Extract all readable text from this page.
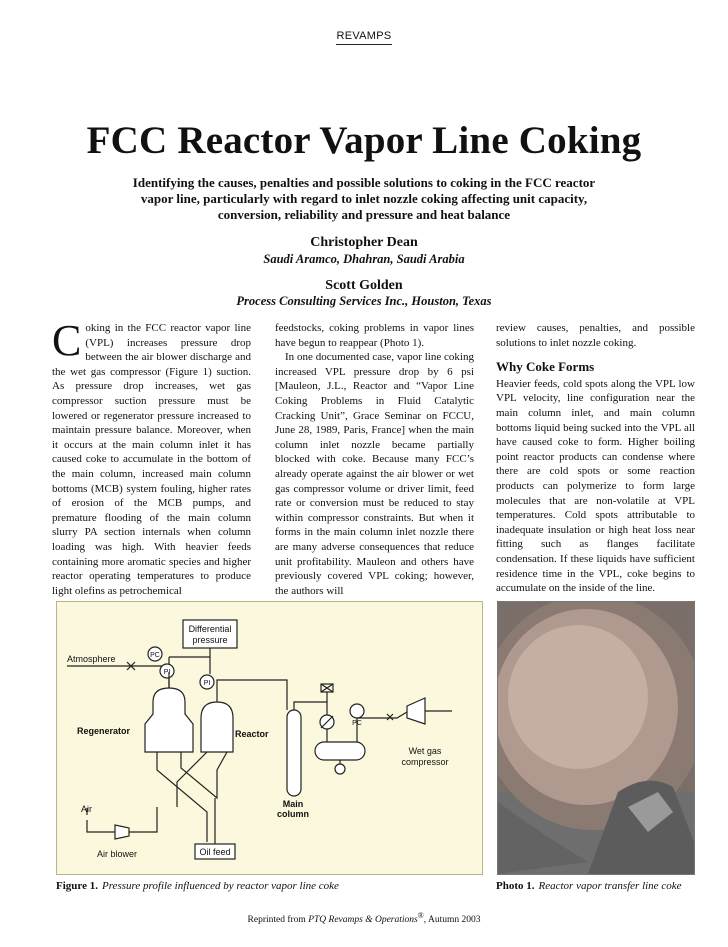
REVAMPS
FCC Reactor Vapor Line Coking
Identifying the causes, penalties and possible solutions to coking in the FCC reactor vapor line, particularly with regard to inlet nozzle coking affecting unit capacity, conversion, reliability and pressure and heat balance
Christopher Dean
Saudi Aramco, Dhahran, Saudi Arabia
Scott Golden
Process Consulting Services Inc., Houston, Texas

Coking in the FCC reactor vapor line (VPL) increases pressure drop between the air blower discharge and the wet gas compressor (Figure 1) suction. As pressure drop increases, wet gas compressor suction pressure must be lowered or regenerator pressure increased to maintain pressure balance. Moreover, when it occurs at the main column inlet it has caused coke to accumulate in the bottom of the main column, increased main column bottoms (MCB) system fouling, higher rates of erosion of the MCB pumps, and premature flooding of the main column slurry PA section internals when column loading was high. With heavier feeds containing more aromatic species and higher reactor operating temperatures to produce light olefins as petrochemical

feedstocks, coking problems in vapor lines have begun to reappear (Photo 1).

In one documented case, vapor line coking increased VPL pressure drop by 6 psi [Mauleon, J.L., Reactor and “Vapor Line Coking Problems in Fluid Catalytic Cracking Unit”, Grace Seminar on FCCU, June 28, 1989, Paris, France] when the main column inlet nozzle became partially blocked with coke. Because many FCC’s already operate against the air blower or wet gas compressor volume or driver limit, feed rate or conversion must be reduced to stay within compressor constraints. But when it forms in the main column inlet nozzle there are many adverse consequences that reduce unit profitability. Mauleon and others have previously covered VPL coking; however, the authors will

review causes, penalties, and possible solutions to inlet nozzle coking.

Why Coke Forms

Heavier feeds, cold spots along the VPL low VPL velocity, line configuration near the main column inlet, and main column bottoms liquid being sucked into the VPL all have caused coke to form. Higher boiling point reactor products can condense where there are cold spots or some reaction products can polymerize to form large molecules that are non-volatile at VPL temperatures. Cold spots attributable to inadequate insulation or high heat loss near fitting such as flanges facilitate condensation. If these liquids have sufficient residence time in the VPL, coke begins to accumulate on the inside of the line.

Differential
pressure
Atmosphere	PC
PI
PI
Regenerator	Reactor
Main
column
PC
Wet gas
compressor
Air
Air blower	Oil feed
Figure 1. Pressure profile influenced by reactor vapor line coke	Photo 1. Reactor vapor transfer line coke
Reprinted from PTQ Revamps & Operations®, Autumn 2003
